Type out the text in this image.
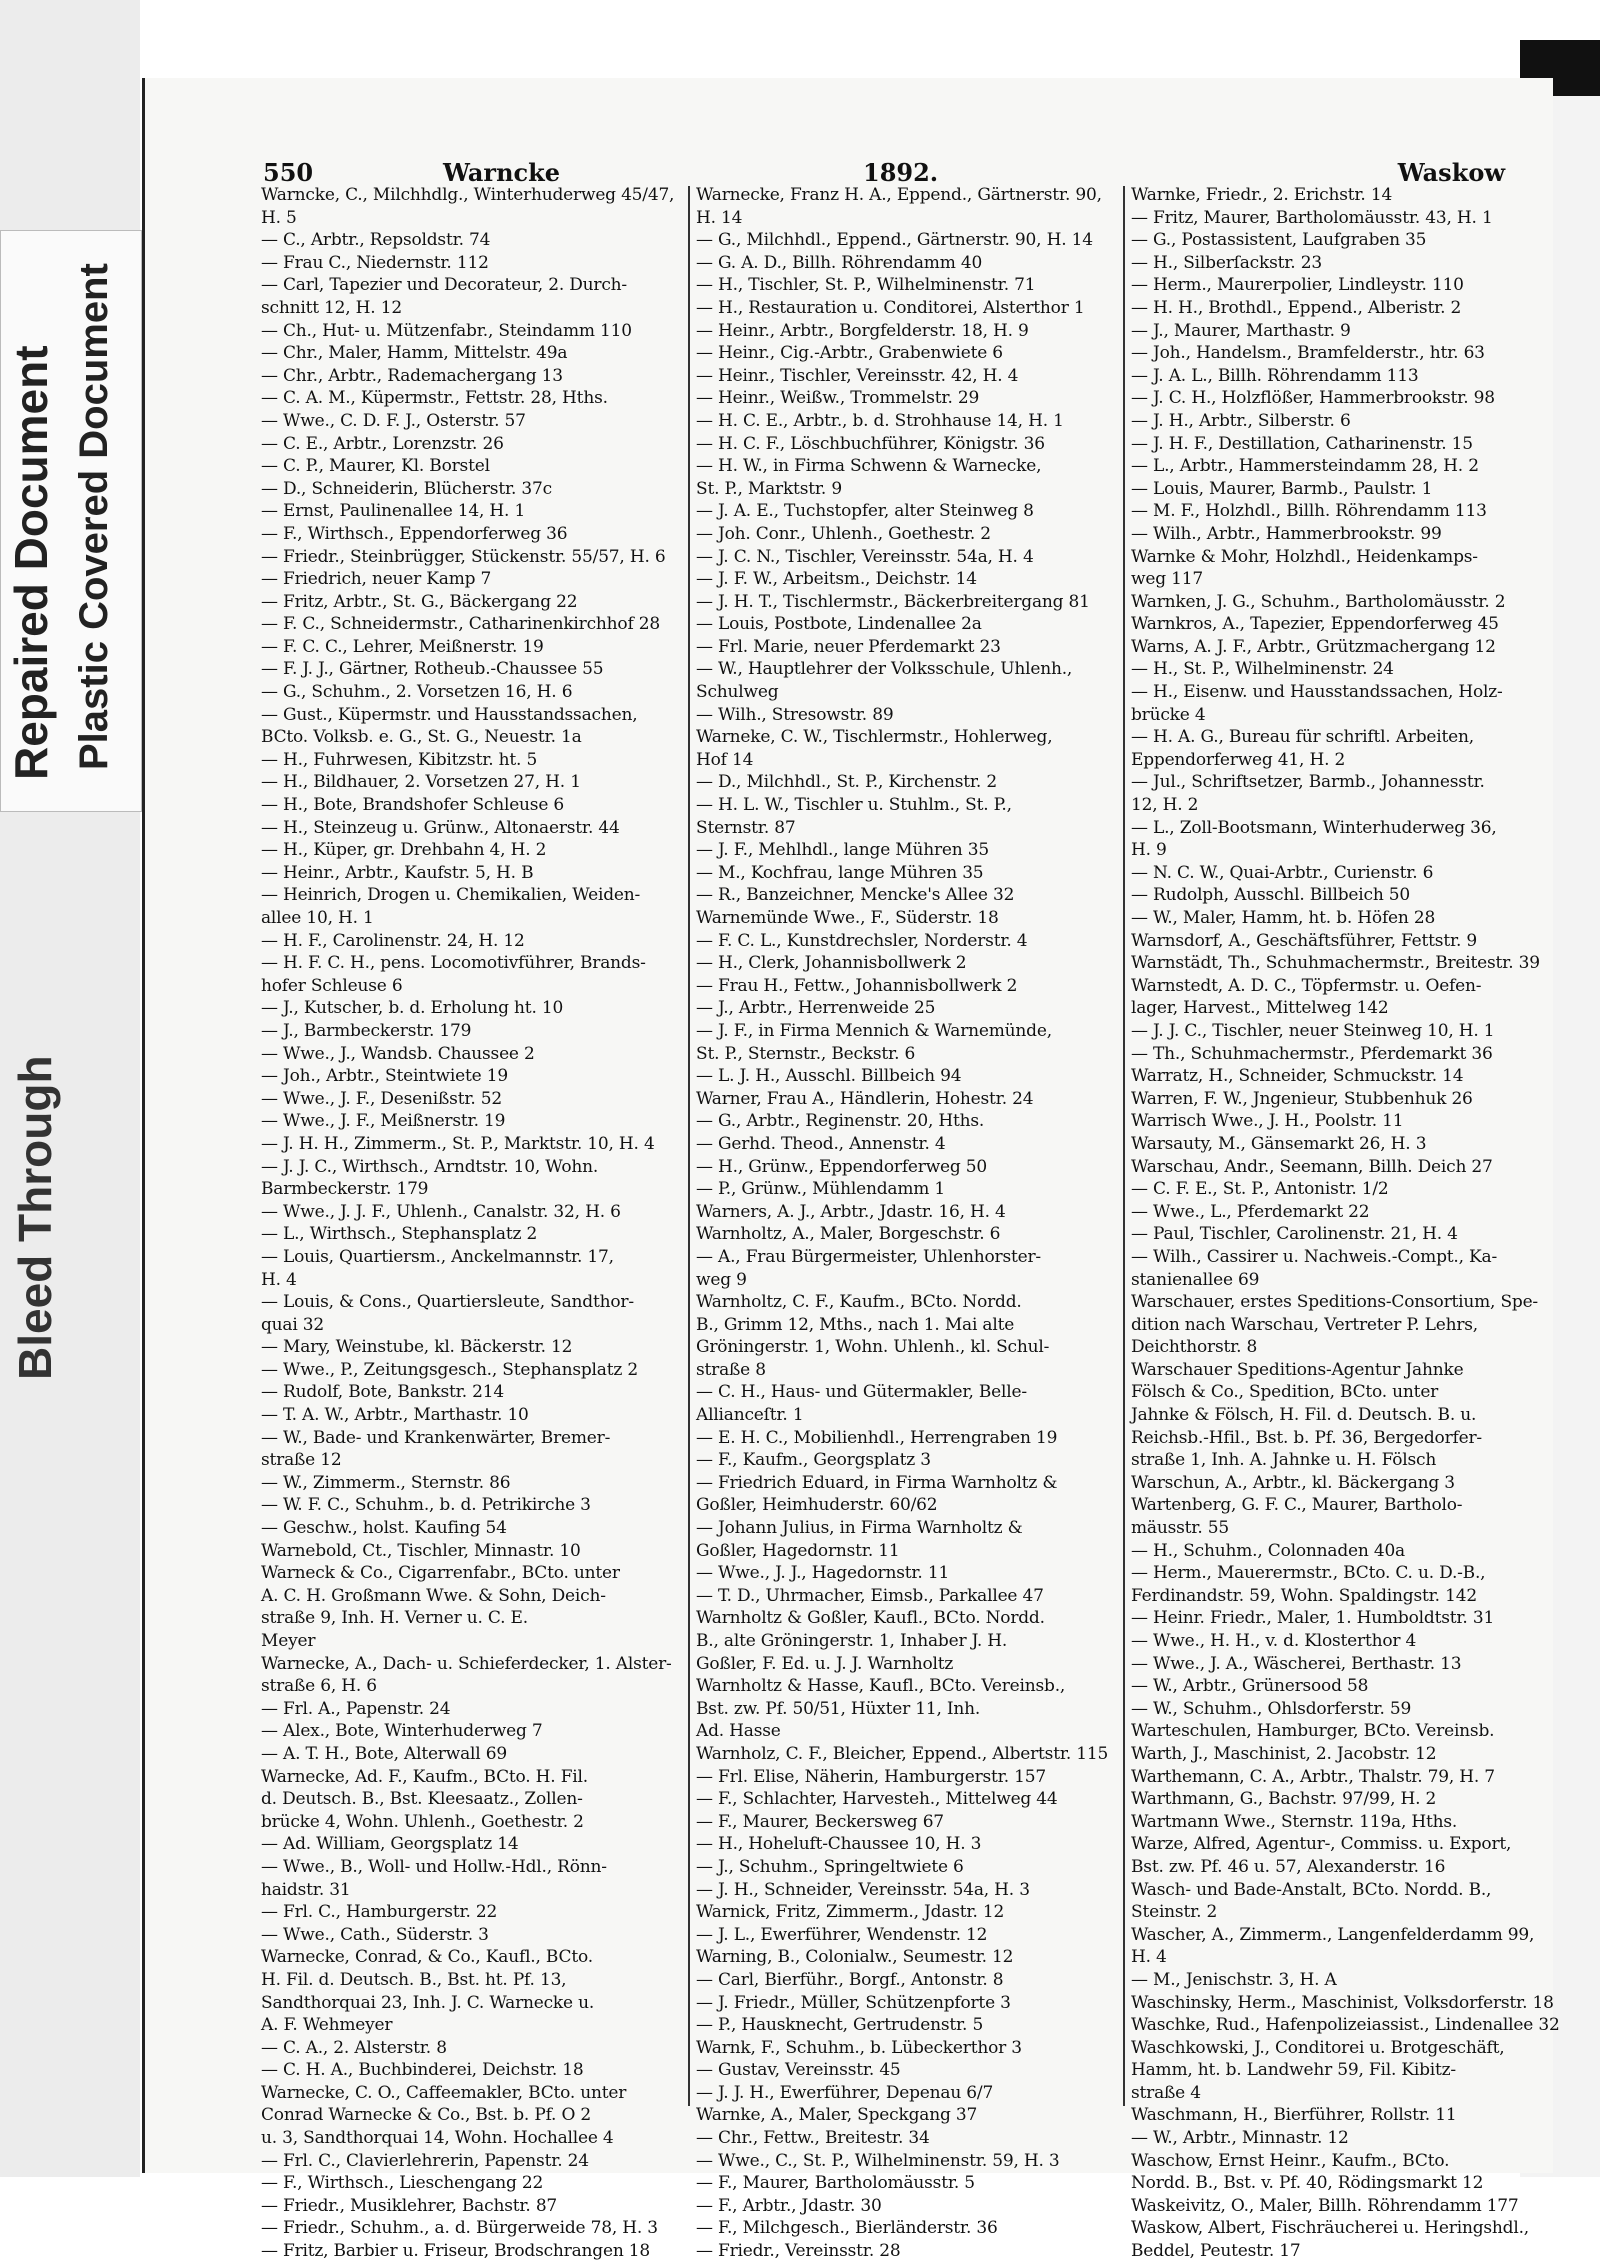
Bleed Through
Repaired Document Plastic Covered Document
550	Warncke	1892.	Waskow
Warncke, C., Milchhdlg., Winterhuderweg 45/47,
H. 5
— C., Arbtr., Repsoldstr. 74
— Frau C., Niedernstr. 112
— Carl, Tapezier und Decorateur, 2. Durch-
schnitt 12, H. 12
— Ch., Hut- u. Mützenfabr., Steindamm 110
— Chr., Maler, Hamm, Mittelstr. 49a
— Chr., Arbtr., Rademachergang 13
— C. A. M., Küpermstr., Fettstr. 28, Hths.
— Wwe., C. D. F. J., Osterstr. 57
— C. E., Arbtr., Lorenzstr. 26
— C. P., Maurer, Kl. Borstel
— D., Schneiderin, Blücherstr. 37c
— Ernst, Paulinenallee 14, H. 1
— F., Wirthsch., Eppendorferweg 36
— Friedr., Steinbrügger, Stückenstr. 55/57, H. 6
— Friedrich, neuer Kamp 7
— Fritz, Arbtr., St. G., Bäckergang 22
— F. C., Schneidermstr., Catharinenkirchhof 28
— F. C. C., Lehrer, Meißnerstr. 19
— F. J. J., Gärtner, Rotheub.-Chaussee 55
— G., Schuhm., 2. Vorsetzen 16, H. 6
— Gust., Küpermstr. und Hausstandssachen,
BCto. Volksb. e. G., St. G., Neuestr. 1a
— H., Fuhrwesen, Kibitzstr. ht. 5
— H., Bildhauer, 2. Vorsetzen 27, H. 1
— H., Bote, Brandshofer Schleuse 6
— H., Steinzeug u. Grünw., Altonaerstr. 44
— H., Küper, gr. Drehbahn 4, H. 2
— Heinr., Arbtr., Kaufstr. 5, H. B
— Heinrich, Drogen u. Chemikalien, Weiden-
allee 10, H. 1
— H. F., Carolinenstr. 24, H. 12
— H. F. C. H., pens. Locomotivführer, Brands-
hofer Schleuse 6
— J., Kutscher, b. d. Erholung ht. 10
— J., Barmbeckerstr. 179
— Wwe., J., Wandsb. Chaussee 2
— Joh., Arbtr., Steintwiete 19
— Wwe., J. F., Desenißstr. 52
— Wwe., J. F., Meißnerstr. 19
— J. H. H., Zimmerm., St. P., Marktstr. 10, H. 4
— J. J. C., Wirthsch., Arndtstr. 10, Wohn.
Barmbeckerstr. 179
— Wwe., J. J. F., Uhlenh., Canalstr. 32, H. 6
— L., Wirthsch., Stephansplatz 2
— Louis, Quartiersm., Anckelmannstr. 17,
H. 4
— Louis, & Cons., Quartiersleute, Sandthor-
quai 32
— Mary, Weinstube, kl. Bäckerstr. 12
— Wwe., P., Zeitungsgesch., Stephansplatz 2
— Rudolf, Bote, Bankstr. 214
— T. A. W., Arbtr., Marthastr. 10
— W., Bade- und Krankenwärter, Bremer-
straße 12
— W., Zimmerm., Sternstr. 86
— W. F. C., Schuhm., b. d. Petrikirche 3
— Geschw., holst. Kaufing 54
Warnebold, Ct., Tischler, Minnastr. 10
Warneck & Co., Cigarrenfabr., BCto. unter
A. C. H. Großmann Wwe. & Sohn, Deich-
straße 9, Inh. H. Verner u. C. E.
Meyer
Warnecke, A., Dach- u. Schieferdecker, 1. Alster-
straße 6, H. 6
— Frl. A., Papenstr. 24
— Alex., Bote, Winterhuderweg 7
— A. T. H., Bote, Alterwall 69
Warnecke, Ad. F., Kaufm., BCto. H. Fil.
d. Deutsch. B., Bst. Kleesaatz., Zollen-
brücke 4, Wohn. Uhlenh., Goethestr. 2
— Ad. William, Georgsplatz 14
— Wwe., B., Woll- und Hollw.-Hdl., Rönn-
haidstr. 31
— Frl. C., Hamburgerstr. 22
— Wwe., Cath., Süderstr. 3
Warnecke, Conrad, & Co., Kaufl., BCto.
H. Fil. d. Deutsch. B., Bst. ht. Pf. 13,
Sandthorquai 23, Inh. J. C. Warnecke u.
A. F. Wehmeyer
— C. A., 2. Alsterstr. 8
— C. H. A., Buchbinderei, Deichstr. 18
Warnecke, C. O., Caffeemakler, BCto. unter
Conrad Warnecke & Co., Bst. b. Pf. O 2
u. 3, Sandthorquai 14, Wohn. Hochallee 4
— Frl. C., Clavierlehrerin, Papenstr. 24
— F., Wirthsch., Lieschengang 22
— Friedr., Musiklehrer, Bachstr. 87
— Friedr., Schuhm., a. d. Bürgerweide 78, H. 3
— Fritz, Barbier u. Friseur, Brodschrangen 18
Warnecke, Franz H. A., Eppend., Gärtnerstr. 90,
H. 14
— G., Milchhdl., Eppend., Gärtnerstr. 90, H. 14
— G. A. D., Billh. Röhrendamm 40
— H., Tischler, St. P., Wilhelminenstr. 71
— H., Restauration u. Conditorei, Alsterthor 1
— Heinr., Arbtr., Borgfelderstr. 18, H. 9
— Heinr., Cig.-Arbtr., Grabenwiete 6
— Heinr., Tischler, Vereinsstr. 42, H. 4
— Heinr., Weißw., Trommelstr. 29
— H. C. E., Arbtr., b. d. Strohhause 14, H. 1
— H. C. F., Löschbuchführer, Königstr. 36
— H. W., in Firma Schwenn & Warnecke,
St. P., Marktstr. 9
— J. A. E., Tuchstopfer, alter Steinweg 8
— Joh. Conr., Uhlenh., Goethestr. 2
— J. C. N., Tischler, Vereinsstr. 54a, H. 4
— J. F. W., Arbeitsm., Deichstr. 14
— J. H. T., Tischlermstr., Bäckerbreitergang 81
— Louis, Postbote, Lindenallee 2a
— Frl. Marie, neuer Pferdemarkt 23
— W., Hauptlehrer der Volksschule, Uhlenh.,
Schulweg
— Wilh., Stresowstr. 89
Warneke, C. W., Tischlermstr., Hohlerweg,
Hof 14
— D., Milchhdl., St. P., Kirchenstr. 2
— H. L. W., Tischler u. Stuhlm., St. P.,
Sternstr. 87
— J. F., Mehlhdl., lange Mühren 35
— M., Kochfrau, lange Mühren 35
— R., Banzeichner, Mencke's Allee 32
Warnemünde Wwe., F., Süderstr. 18
— F. C. L., Kunstdrechsler, Norderstr. 4
— H., Clerk, Johannisbollwerk 2
— Frau H., Fettw., Johannisbollwerk 2
— J., Arbtr., Herrenweide 25
— J. F., in Firma Mennich & Warnemünde,
St. P., Sternstr., Beckstr. 6
— L. J. H., Ausschl. Billbeich 94
Warner, Frau A., Händlerin, Hohestr. 24
— G., Arbtr., Reginenstr. 20, Hths.
— Gerhd. Theod., Annenstr. 4
— H., Grünw., Eppendorferweg 50
— P., Grünw., Mühlendamm 1
Warners, A. J., Arbtr., Jdastr. 16, H. 4
Warnholtz, A., Maler, Borgeschstr. 6
— A., Frau Bürgermeister, Uhlenhorster-
weg 9
Warnholtz, C. F., Kaufm., BCto. Nordd.
B., Grimm 12, Mths., nach 1. Mai alte
Gröningerstr. 1, Wohn. Uhlenh., kl. Schul-
straße 8
— C. H., Haus- und Gütermakler, Belle-
Allianceſtr. 1
— E. H. C., Mobilienhdl., Herrengraben 19
— F., Kaufm., Georgsplatz 3
— Friedrich Eduard, in Firma Warnholtz &
Goßler, Heimhuderstr. 60/62
— Johann Julius, in Firma Warnholtz &
Goßler, Hagedornstr. 11
— Wwe., J. J., Hagedornstr. 11
— T. D., Uhrmacher, Eimsb., Parkallee 47
Warnholtz & Goßler, Kaufl., BCto. Nordd.
B., alte Gröningerstr. 1, Inhaber J. H.
Goßler, F. Ed. u. J. J. Warnholtz
Warnholtz & Hasse, Kaufl., BCto. Vereinsb.,
Bst. zw. Pf. 50/51, Hüxter 11, Inh.
Ad. Hasse
Warnholz, C. F., Bleicher, Eppend., Albertstr. 115
— Frl. Elise, Näherin, Hamburgerstr. 157
— F., Schlachter, Harvesteh., Mittelweg 44
— F., Maurer, Beckersweg 67
— H., Hoheluft-Chaussee 10, H. 3
— J., Schuhm., Springeltwiete 6
— J. H., Schneider, Vereinsstr. 54a, H. 3
Warnick, Fritz, Zimmerm., Jdastr. 12
— J. L., Ewerführer, Wendenstr. 12
Warning, B., Colonialw., Seumestr. 12
— Carl, Bierführ., Borgf., Antonstr. 8
— J. Friedr., Müller, Schützenpforte 3
— P., Hausknecht, Gertrudenstr. 5
Warnk, F., Schuhm., b. Lübeckerthor 3
— Gustav, Vereinsstr. 45
— J. J. H., Ewerführer, Depenau 6/7
Warnke, A., Maler, Speckgang 37
— Chr., Fettw., Breitestr. 34
— Wwe., C., St. P., Wilhelminenstr. 59, H. 3
— F., Maurer, Bartholomäusstr. 5
— F., Arbtr., Jdastr. 30
— F., Milchgesch., Bierländerstr. 36
— Friedr., Vereinsstr. 28
Warnke, Friedr., 2. Erichstr. 14
— Fritz, Maurer, Bartholomäusstr. 43, H. 1
— G., Postassistent, Laufgraben 35
— H., Silberſackstr. 23
— Herm., Maurerpolier, Lindleystr. 110
— H. H., Brothdl., Eppend., Alberistr. 2
— J., Maurer, Marthastr. 9
— Joh., Handelsm., Bramfelderstr., htr. 63
— J. A. L., Billh. Röhrendamm 113
— J. C. H., Holzflößer, Hammerbrookstr. 98
— J. H., Arbtr., Silberstr. 6
— J. H. F., Destillation, Catharinenstr. 15
— L., Arbtr., Hammersteindamm 28, H. 2
— Louis, Maurer, Barmb., Paulstr. 1
— M. F., Holzhdl., Billh. Röhrendamm 113
— Wilh., Arbtr., Hammerbrookstr. 99
Warnke & Mohr, Holzhdl., Heidenkamps-
weg 117
Warnken, J. G., Schuhm., Bartholomäusstr. 2
Warnkros, A., Tapezier, Eppendorferweg 45
Warns, A. J. F., Arbtr., Grützmachergang 12
— H., St. P., Wilhelminenstr. 24
— H., Eisenw. und Hausstandssachen, Holz-
brücke 4
— H. A. G., Bureau für schriftl. Arbeiten,
Eppendorferweg 41, H. 2
— Jul., Schriftsetzer, Barmb., Johannesstr.
12, H. 2
— L., Zoll-Bootsmann, Winterhuderweg 36,
H. 9
— N. C. W., Quai-Arbtr., Curienstr. 6
— Rudolph, Ausschl. Billbeich 50
— W., Maler, Hamm, ht. b. Höfen 28
Warnsdorf, A., Geschäftsführer, Fettstr. 9
Warnstädt, Th., Schuhmachermstr., Breitestr. 39
Warnstedt, A. D. C., Töpfermstr. u. Oefen-
lager, Harvest., Mittelweg 142
— J. J. C., Tischler, neuer Steinweg 10, H. 1
— Th., Schuhmachermstr., Pferdemarkt 36
Warratz, H., Schneider, Schmuckstr. 14
Warren, F. W., Jngenieur, Stubbenhuk 26
Warrisch Wwe., J. H., Poolstr. 11
Warsauty, M., Gänsemarkt 26, H. 3
Warschau, Andr., Seemann, Billh. Deich 27
— C. F. E., St. P., Antonistr. 1/2
— Wwe., L., Pferdemarkt 22
— Paul, Tischler, Carolinenstr. 21, H. 4
— Wilh., Cassirer u. Nachweis.-Compt., Ka-
stanienallee 69
Warschauer, erstes Speditions-Consortium, Spe-
dition nach Warschau, Vertreter P. Lehrs,
Deichthorstr. 8
Warschauer Speditions-Agentur Jahnke
Fölsch & Co., Spedition, BCto. unter
Jahnke & Fölsch, H. Fil. d. Deutsch. B. u.
Reichsb.-Hfil., Bst. b. Pf. 36, Bergedorfer-
straße 1, Inh. A. Jahnke u. H. Fölsch
Warschun, A., Arbtr., kl. Bäckergang 3
Wartenberg, G. F. C., Maurer, Bartholo-
mäusstr. 55
— H., Schuhm., Colonnaden 40a
— Herm., Mauerermstr., BCto. C. u. D.-B.,
Ferdinandstr. 59, Wohn. Spaldingstr. 142
— Heinr. Friedr., Maler, 1. Humboldtstr. 31
— Wwe., H. H., v. d. Klosterthor 4
— Wwe., J. A., Wäscherei, Berthastr. 13
— W., Arbtr., Grünersood 58
— W., Schuhm., Ohlsdorferstr. 59
Warteschulen, Hamburger, BCto. Vereinsb.
Warth, J., Maschinist, 2. Jacobstr. 12
Warthemann, C. A., Arbtr., Thalstr. 79, H. 7
Warthmann, G., Bachstr. 97/99, H. 2
Wartmann Wwe., Sternstr. 119a, Hths.
Warze, Alfred, Agentur-, Commiss. u. Export,
Bst. zw. Pf. 46 u. 57, Alexanderstr. 16
Wasch- und Bade-Anstalt, BCto. Nordd. B.,
Steinstr. 2
Wascher, A., Zimmerm., Langenfelderdamm 99,
H. 4
— M., Jenischstr. 3, H. A
Waschinsky, Herm., Maschinist, Volksdorferstr. 18
Waschke, Rud., Hafenpolizeiassist., Lindenallee 32
Waschkowski, J., Conditorei u. Brotgeschäft,
Hamm, ht. b. Landwehr 59, Fil. Kibitz-
straße 4
Waschmann, H., Bierführer, Rollstr. 11
— W., Arbtr., Minnastr. 12
Waschow, Ernst Heinr., Kaufm., BCto.
Nordd. B., Bst. v. Pf. 40, Rödingsmarkt 12
Waskeivitz, O., Maler, Billh. Röhrendamm 177
Waskow, Albert, Fischräucherei u. Heringshdl.,
Beddel, Peutestr. 17
